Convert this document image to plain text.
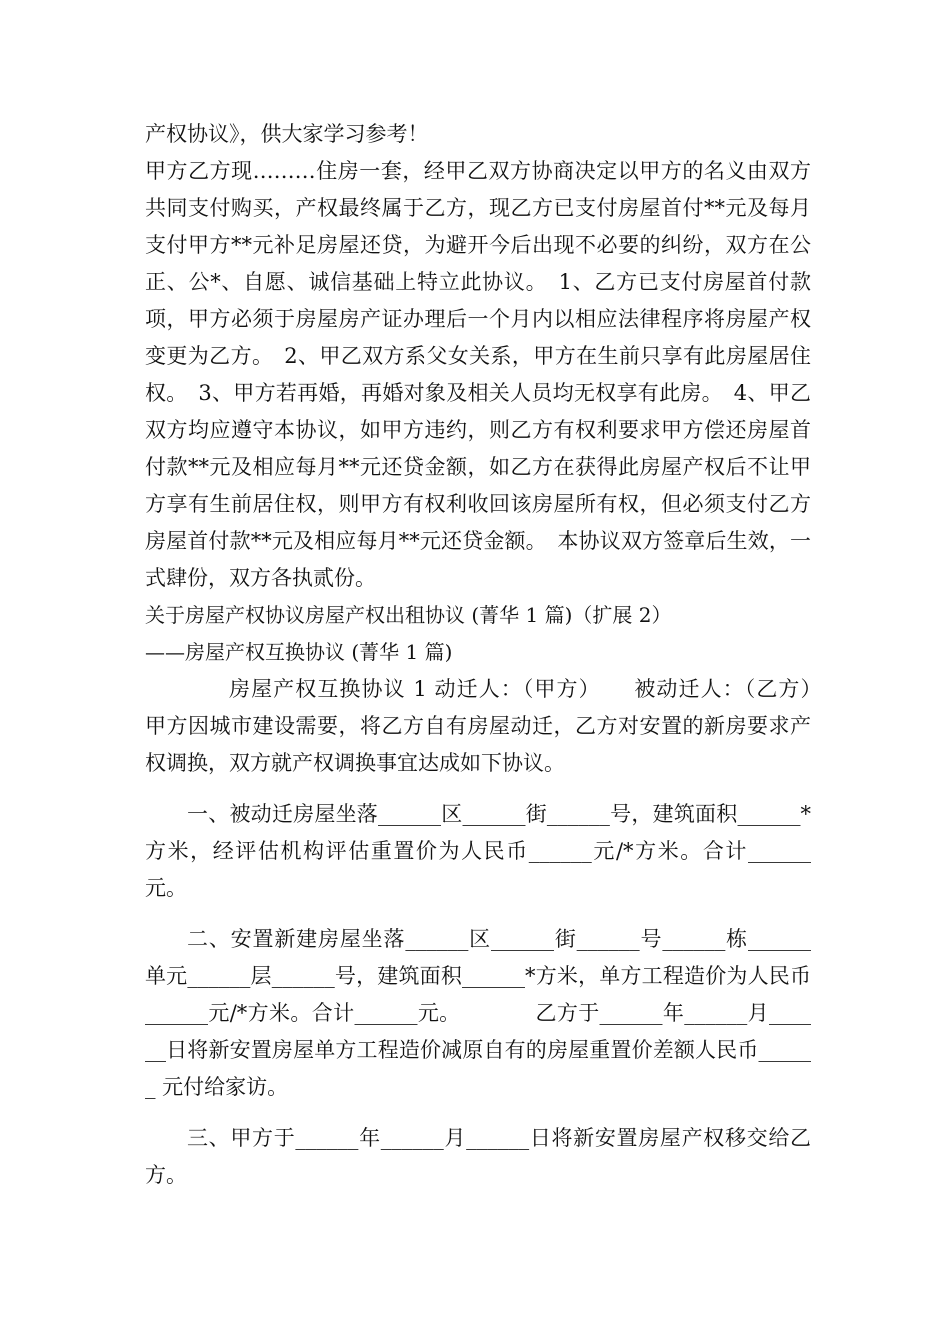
产权协议》，供大家学习参考！

甲方乙方现………住房一套，经甲乙双方协商决定以甲方的名义由双方共同支付购买，产权最终属于乙方，现乙方已支付房屋首付**元及每月支付甲方**元补足房屋还贷，为避开今后出现不必要的纠纷，双方在公正、公*、自愿、诚信基础上特立此协议。　1、乙方已支付房屋首付款项，甲方必须于房屋房产证办理后一个月内以相应法律程序将房屋产权变更为乙方。　2、甲乙双方系父女关系，甲方在生前只享有此房屋居住权。　3、甲方若再婚，再婚对象及相关人员均无权享有此房。　4、甲乙双方均应遵守本协议，如甲方违约，则乙方有权利要求甲方偿还房屋首付款**元及相应每月**元还贷金额，如乙方在获得此房屋产权后不让甲方享有生前居住权，则甲方有权利收回该房屋所有权，但必须支付乙方房屋首付款**元及相应每月**元还贷金额。　本协议双方签章后生效，一式肆份，双方各执贰份。

关于房屋产权协议房屋产权出租协议 (菁华 1 篇)（扩展 2）

——房屋产权互换协议 (菁华 1 篇)

房屋产权互换协议 1 动迁人：（甲方）　　被动迁人：（乙方）　　甲方因城市建设需要，将乙方自有房屋动迁，乙方对安置的新房要求产权调换，双方就产权调换事宜达成如下协议。

一、被动迁房屋坐落______区______街______号，建筑面积______*方米，经评估机构评估重置价为人民币______元/*方米。合计______元。

二、安置新建房屋坐落______区______街______号______栋______单元______层______号，建筑面积______*方米，单方工程造价为人民币______元/*方米。合计______元。　　　　乙方于______年______月______日将新安置房屋单方工程造价减原自有的房屋重置价差额人民币______ 元付给家访。

三、甲方于______年______月______日将新安置房屋产权移交给乙方。
